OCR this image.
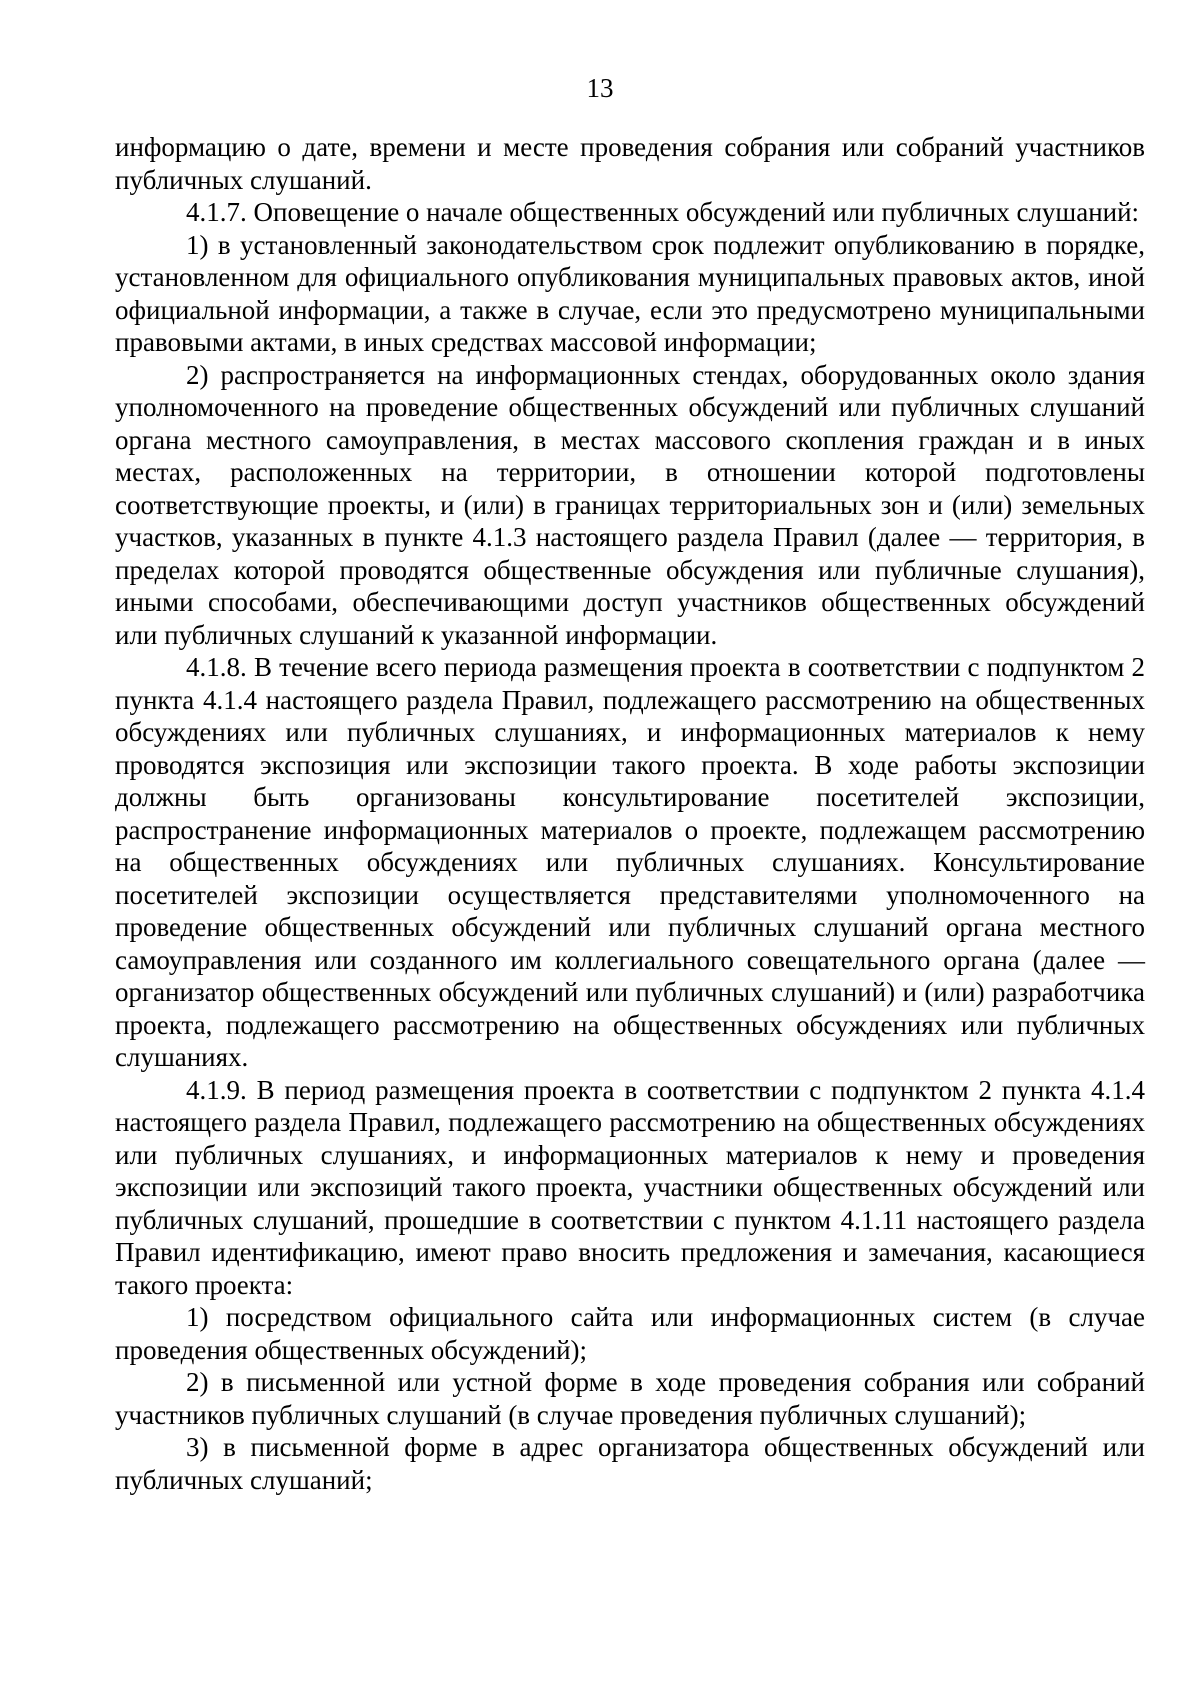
13

информацию о дате, времени и месте проведения собрания или собраний участников публичных слушаний.

4.1.7. Оповещение о начале общественных обсуждений или публичных слушаний:

1) в установленный законодательством срок подлежит опубликованию в порядке, установленном для официального опубликования муниципальных правовых актов, иной официальной информации, а также в случае, если это предусмотрено муниципальными правовыми актами, в иных средствах массовой информации;

2) распространяется на информационных стендах, оборудованных около здания уполномоченного на проведение общественных обсуждений или публичных слушаний органа местного самоуправления, в местах массового скопления граждан и в иных местах, расположенных на территории, в отношении которой подготовлены соответствующие проекты, и (или) в границах территориальных зон и (или) земельных участков, указанных в пункте 4.1.3 настоящего раздела Правил (далее — территория, в пределах которой проводятся общественные обсуждения или публичные слушания), иными способами, обеспечивающими доступ участников общественных обсуждений или публичных слушаний к указанной информации.

4.1.8. В течение всего периода размещения проекта в соответствии с подпунктом 2 пункта 4.1.4 настоящего раздела Правил, подлежащего рассмотрению на общественных обсуждениях или публичных слушаниях, и информационных материалов к нему проводятся экспозиция или экспозиции такого проекта. В ходе работы экспозиции должны быть организованы консультирование посетителей экспозиции, распространение информационных материалов о проекте, подлежащем рассмотрению на общественных обсуждениях или публичных слушаниях. Консультирование посетителей экспозиции осуществляется представителями уполномоченного на проведение общественных обсуждений или публичных слушаний органа местного самоуправления или созданного им коллегиального совещательного органа (далее — организатор общественных обсуждений или публичных слушаний) и (или) разработчика проекта, подлежащего рассмотрению на общественных обсуждениях или публичных слушаниях.

4.1.9. В период размещения проекта в соответствии с подпунктом 2 пункта 4.1.4 настоящего раздела Правил, подлежащего рассмотрению на общественных обсуждениях или публичных слушаниях, и информационных материалов к нему и проведения экспозиции или экспозиций такого проекта, участники общественных обсуждений или публичных слушаний, прошедшие в соответствии с пунктом 4.1.11 настоящего раздела Правил идентификацию, имеют право вносить предложения и замечания, касающиеся такого проекта:

1) посредством официального сайта или информационных систем (в случае проведения общественных обсуждений);

2) в письменной или устной форме в ходе проведения собрания или собраний участников публичных слушаний (в случае проведения публичных слушаний);

3) в письменной форме в адрес организатора общественных обсуждений или публичных слушаний;
